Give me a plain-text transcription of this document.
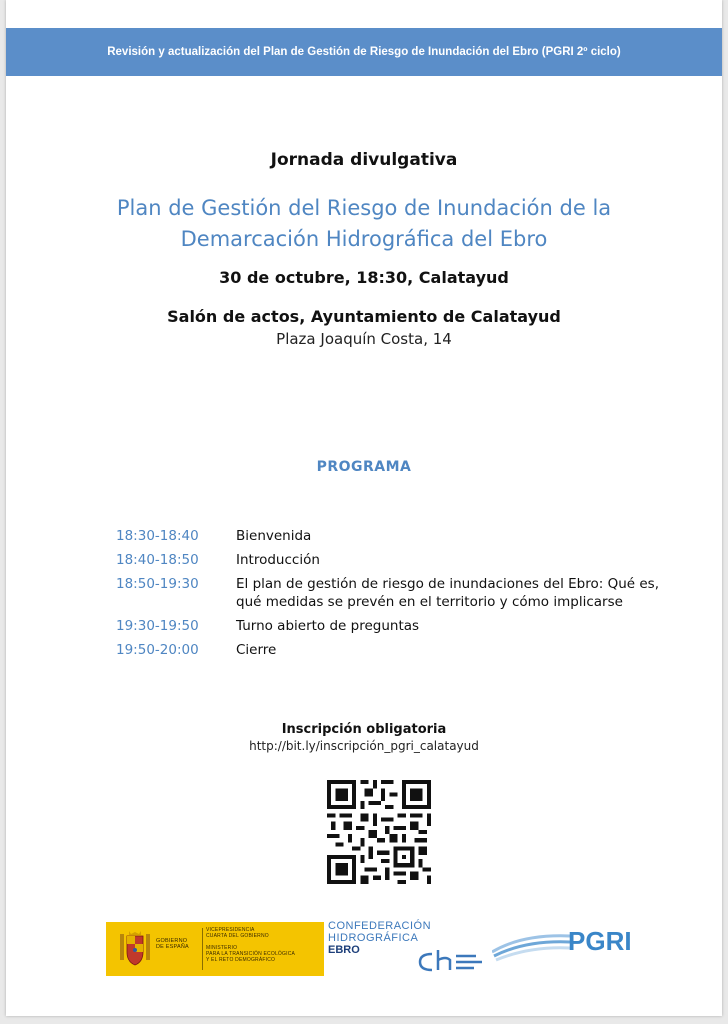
Revisión y actualización del Plan de Gestión de Riesgo de Inundación del Ebro (PGRI 2º ciclo)
Jornada divulgativa
Plan de Gestión del Riesgo de Inundación de la
Demarcación Hidrográfica del Ebro
30 de octubre, 18:30, Calatayud
Salón de actos, Ayuntamiento de Calatayud
Plaza Joaquín Costa, 14
PROGRAMA
18:30-18:40	Bienvenida
18:40-18:50	Introducción
18:50-19:30	El plan de gestión de riesgo de inundaciones del Ebro: Qué es, qué medidas se prevén en el territorio y cómo implicarse
19:30-19:50	Turno abierto de preguntas
19:50-20:00	Cierre
Inscripción obligatoria
http://bit.ly/inscripción_pgri_calatayud
GOBIERNO
DE ESPAÑA
VICEPRESIDENCIA
CUARTA DEL GOBIERNO
MINISTERIO
PARA LA TRANSICIÓN ECOLÓGICA
Y EL RETO DEMOGRÁFICO
CONFEDERACIÓN
HIDROGRÁFICA
EBRO	PGRI
